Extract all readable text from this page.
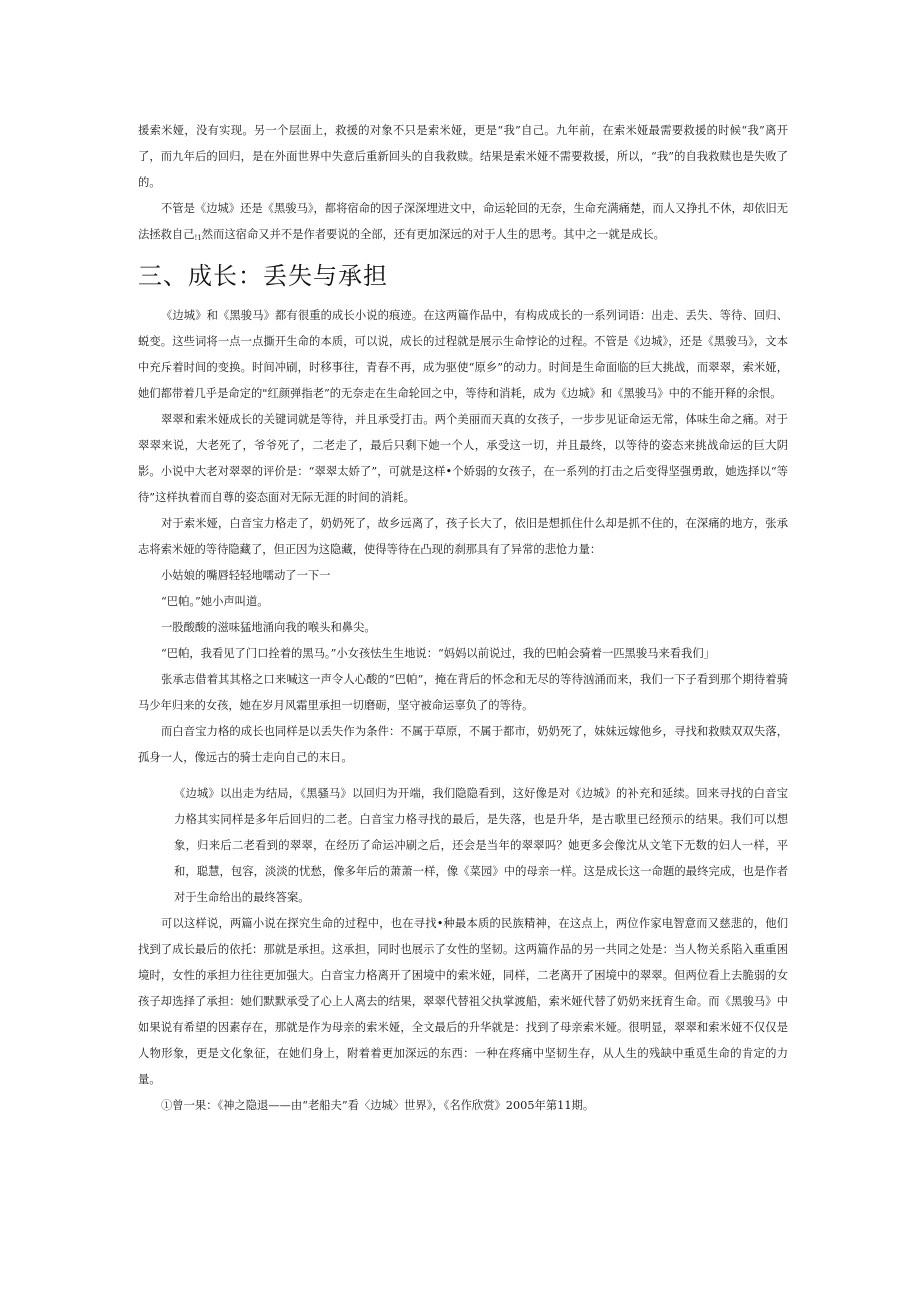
援索米娅，没有实现。另一个层面上，救援的对象不只是索米娅，更是“我”自己。九年前，在索米娅最需要救援的时候“我”离开了，而九年后的回归，是在外面世界中失意后重新回头的自我救赎。结果是索米娅不需要救援，所以，“我”的自我救赎也是失败了的。

不管是《边城》还是《黑骏马》，都将宿命的因子深深埋进文中，命运轮回的无奈，生命充满痛楚，而人又挣扎不休，却依旧无法拯救自己$_{!1}$然而这宿命又并不是作者要说的全部，还有更加深远的对于人生的思考。其中之一就是成长。

三、成长：丢失与承担

《边城》和《黑骏马》都有很重的成长小说的痕迹。在这两篇作品中，有构成成长的一系列词语：出走、丢失、等待、回归、蜕变。这些词将一点一点撕开生命的本质，可以说，成长的过程就是展示生命悖论的过程。不管是《边城》，还是《黑骏马》，文本中充斥着时间的变换。时间冲刷，时移事往，青春不再，成为驱使“原乡”的动力。时间是生命面临的巨大挑战，而翠翠，索米娅，她们都带着几乎是命定的"红颜弹指老”的无奈走在生命轮回之中，等待和消耗，成为《边城》和《黑骏马》中的不能开释的余恨。

翠翠和索米娅成长的关键词就是等待，并且承受打击。两个美丽而天真的女孩子，一步步见证命运无常，体味生命之痛。对于翠翠来说，大老死了，爷爷死了，二老走了，最后只剩下她一个人，承受这一切，并且最终，以等待的姿态来挑战命运的巨大阴影。小说中大老对翠翠的评价是：“翠翠太娇了”，可就是这样•个娇弱的女孩子，在一系列的打击之后变得坚强勇敢，她选择以“等待”这样执着而自尊的姿态面对无际无涯的时间的消耗。

对于索米娅，白音宝力格走了，奶奶死了，故乡远离了，孩子长大了，依旧是想抓住什么却是抓不住的，在深痛的地方，张承志将索米娅的等待隐藏了，但正因为这隐藏，使得等待在凸现的刹那具有了异常的悲怆力量：

小姑娘的嘴唇轻轻地嚅动了一下一

“巴帕。”她小声叫道。

一股酸酸的滋味猛地涌向我的喉头和鼻尖。

“巴帕，我看见了门口拴着的黑马。”小女孩怯生生地说：“妈妈以前说过，我的巴帕会骑着一匹黑骏马来看我们」

张承志借着其其格之口来喊这一声令人心酸的“巴帕”，掩在背后的怀念和无尽的等待汹涌而来，我们一下子看到那个期待着骑马少年归来的女孩，她在岁月风霜里承担一切磨砺，坚守被命运辜负了的等待。

而白音宝力格的成长也同样是以丢失作为条件：不属于草原，不属于都市，奶奶死了，妹妹远嫁他乡，寻找和救赎双双失落，孤身一人，像远古的骑士走向自己的末日。

《边城》以出走为结局，《黑骚马》以回归为开端，我们隐隐看到，这好像是对《边城》的补充和延续。回来寻找的白音宝力格其实同样是多年后回归的二老。白音宝力格寻找的最后，是失落，也是升华，是古歌里已经预示的结果。我们可以想象，归来后二老看到的翠翠，在经历了命运冲刷之后，还会是当年的翠翠吗？她更多会像沈从文笔下无数的妇人一样，平和，聪慧，包容，淡淡的忧愁，像多年后的萧萧一样，像《菜园》中的母亲一样。这是成长这一命题的最终完成，也是作者对于生命给出的最终答案。

可以这样说，两篇小说在探究生命的过程中，也在寻找•种最本质的民族精神，在这点上，两位作家电智意而又慈悲的，他们找到了成长最后的依托：那就是承担。这承担，同时也展示了女性的坚韧。这两篇作品的另一共同之处是：当人物关系陷入重重困境时，女性的承担力往往更加强大。白音宝力格离开了困境中的索米娅，同样，二老离开了困境中的翠翠。但两位看上去脆弱的女孩子却选择了承担：她们默默承受了心上人离去的结果，翠翠代替祖父执掌渡船，索米娅代替了奶奶来抚育生命。而《黑骏马》中如果说有希望的因素存在，那就是作为母亲的索米娅，全文最后的升华就是：找到了母亲索米娅。很明显，翠翠和索米娅不仅仅是人物形象，更是文化象征，在她们身上，附着着更加深远的东西：一种在疼痛中坚韧生存，从人生的残缺中重觅生命的肯定的力量。

①曾一果：《神之隐退——由“老船夫”看〈边城〉世界》，《名作欣赏》2005年第11期。
